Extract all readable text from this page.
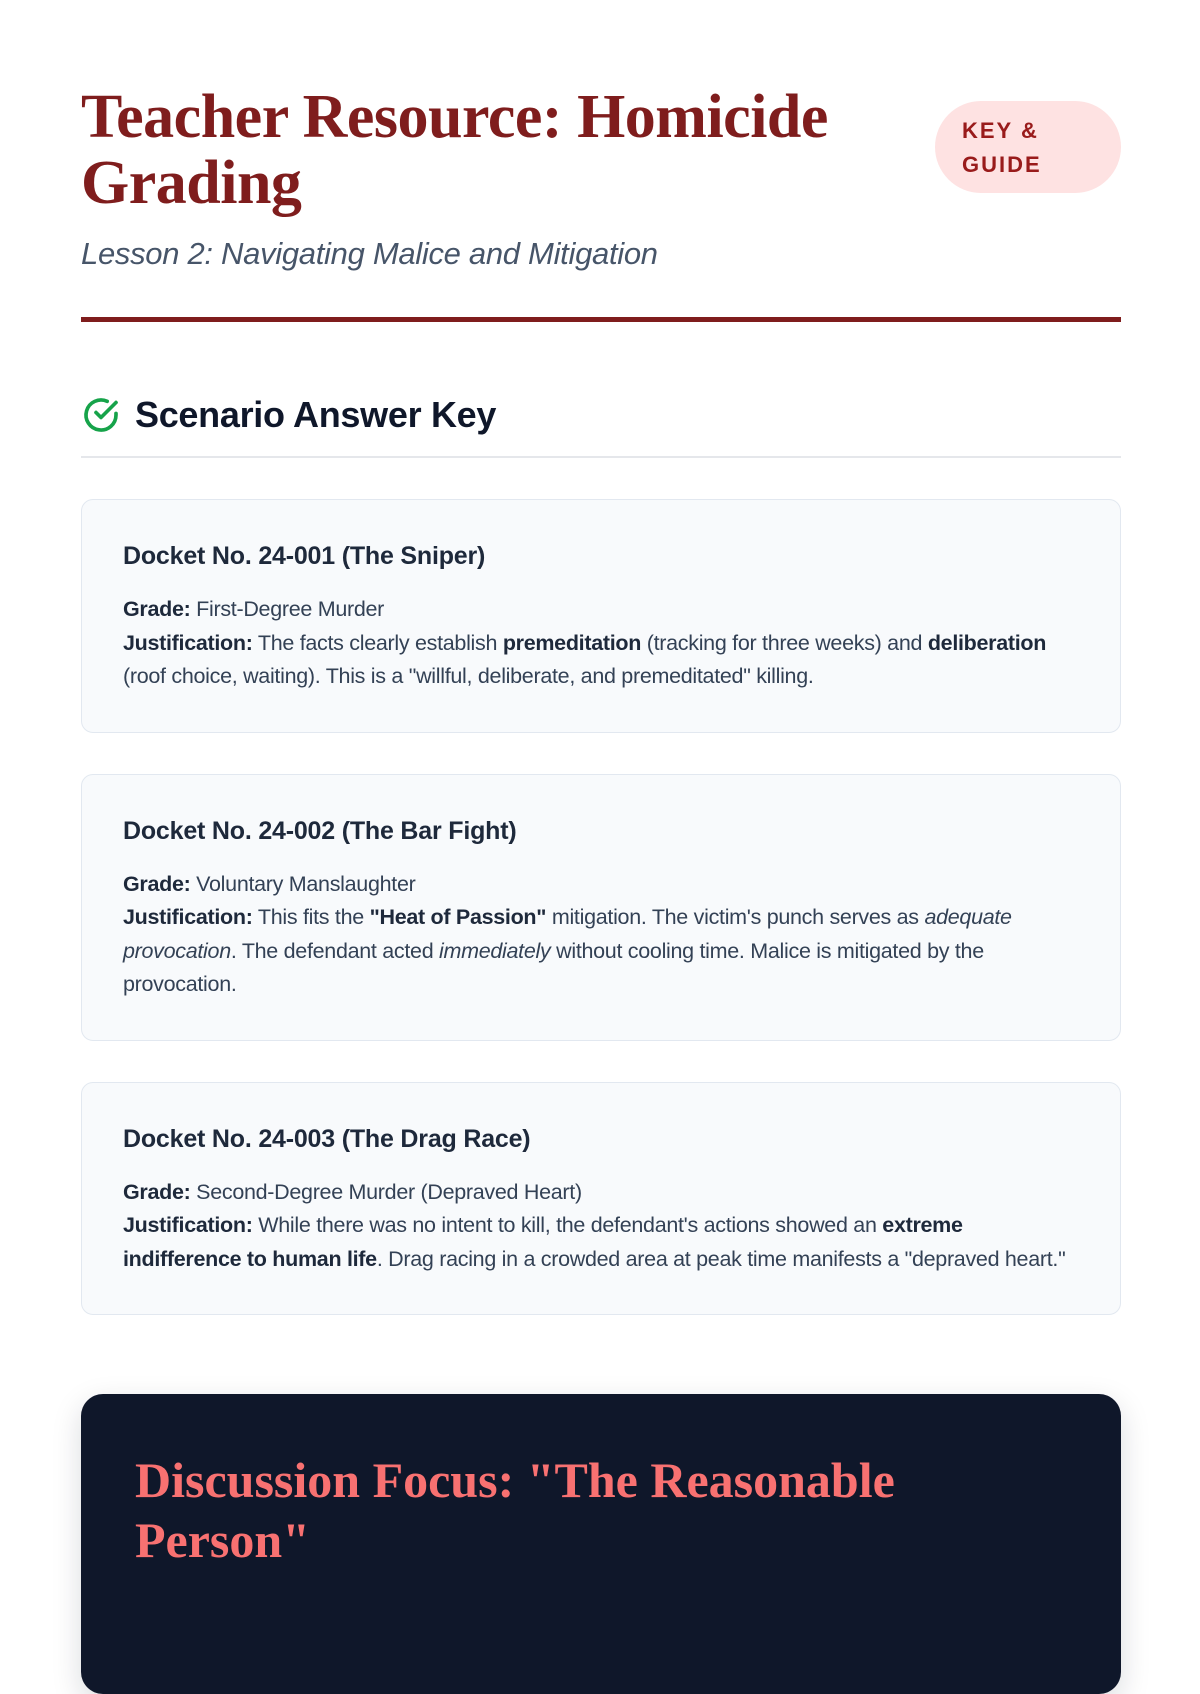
Teacher Resource: Homicide Grading
KEY & GUIDE
Lesson 2: Navigating Malice and Mitigation
Scenario Answer Key
Docket No. 24-001 (The Sniper)

Grade: First-Degree Murder
Justification: The facts clearly establish premeditation (tracking for three weeks) and deliberation (roof choice, waiting). This is a "willful, deliberate, and premeditated" killing.

Docket No. 24-002 (The Bar Fight)

Grade: Voluntary Manslaughter
Justification: This fits the "Heat of Passion" mitigation. The victim's punch serves as adequate provocation. The defendant acted immediately without cooling time. Malice is mitigated by the provocation.

Docket No. 24-003 (The Drag Race)

Grade: Second-Degree Murder (Depraved Heart)
Justification: While there was no intent to kill, the defendant's actions showed an extreme indifference to human life. Drag racing in a crowded area at peak time manifests a "depraved heart."

Discussion Focus: "The Reasonable Person"
